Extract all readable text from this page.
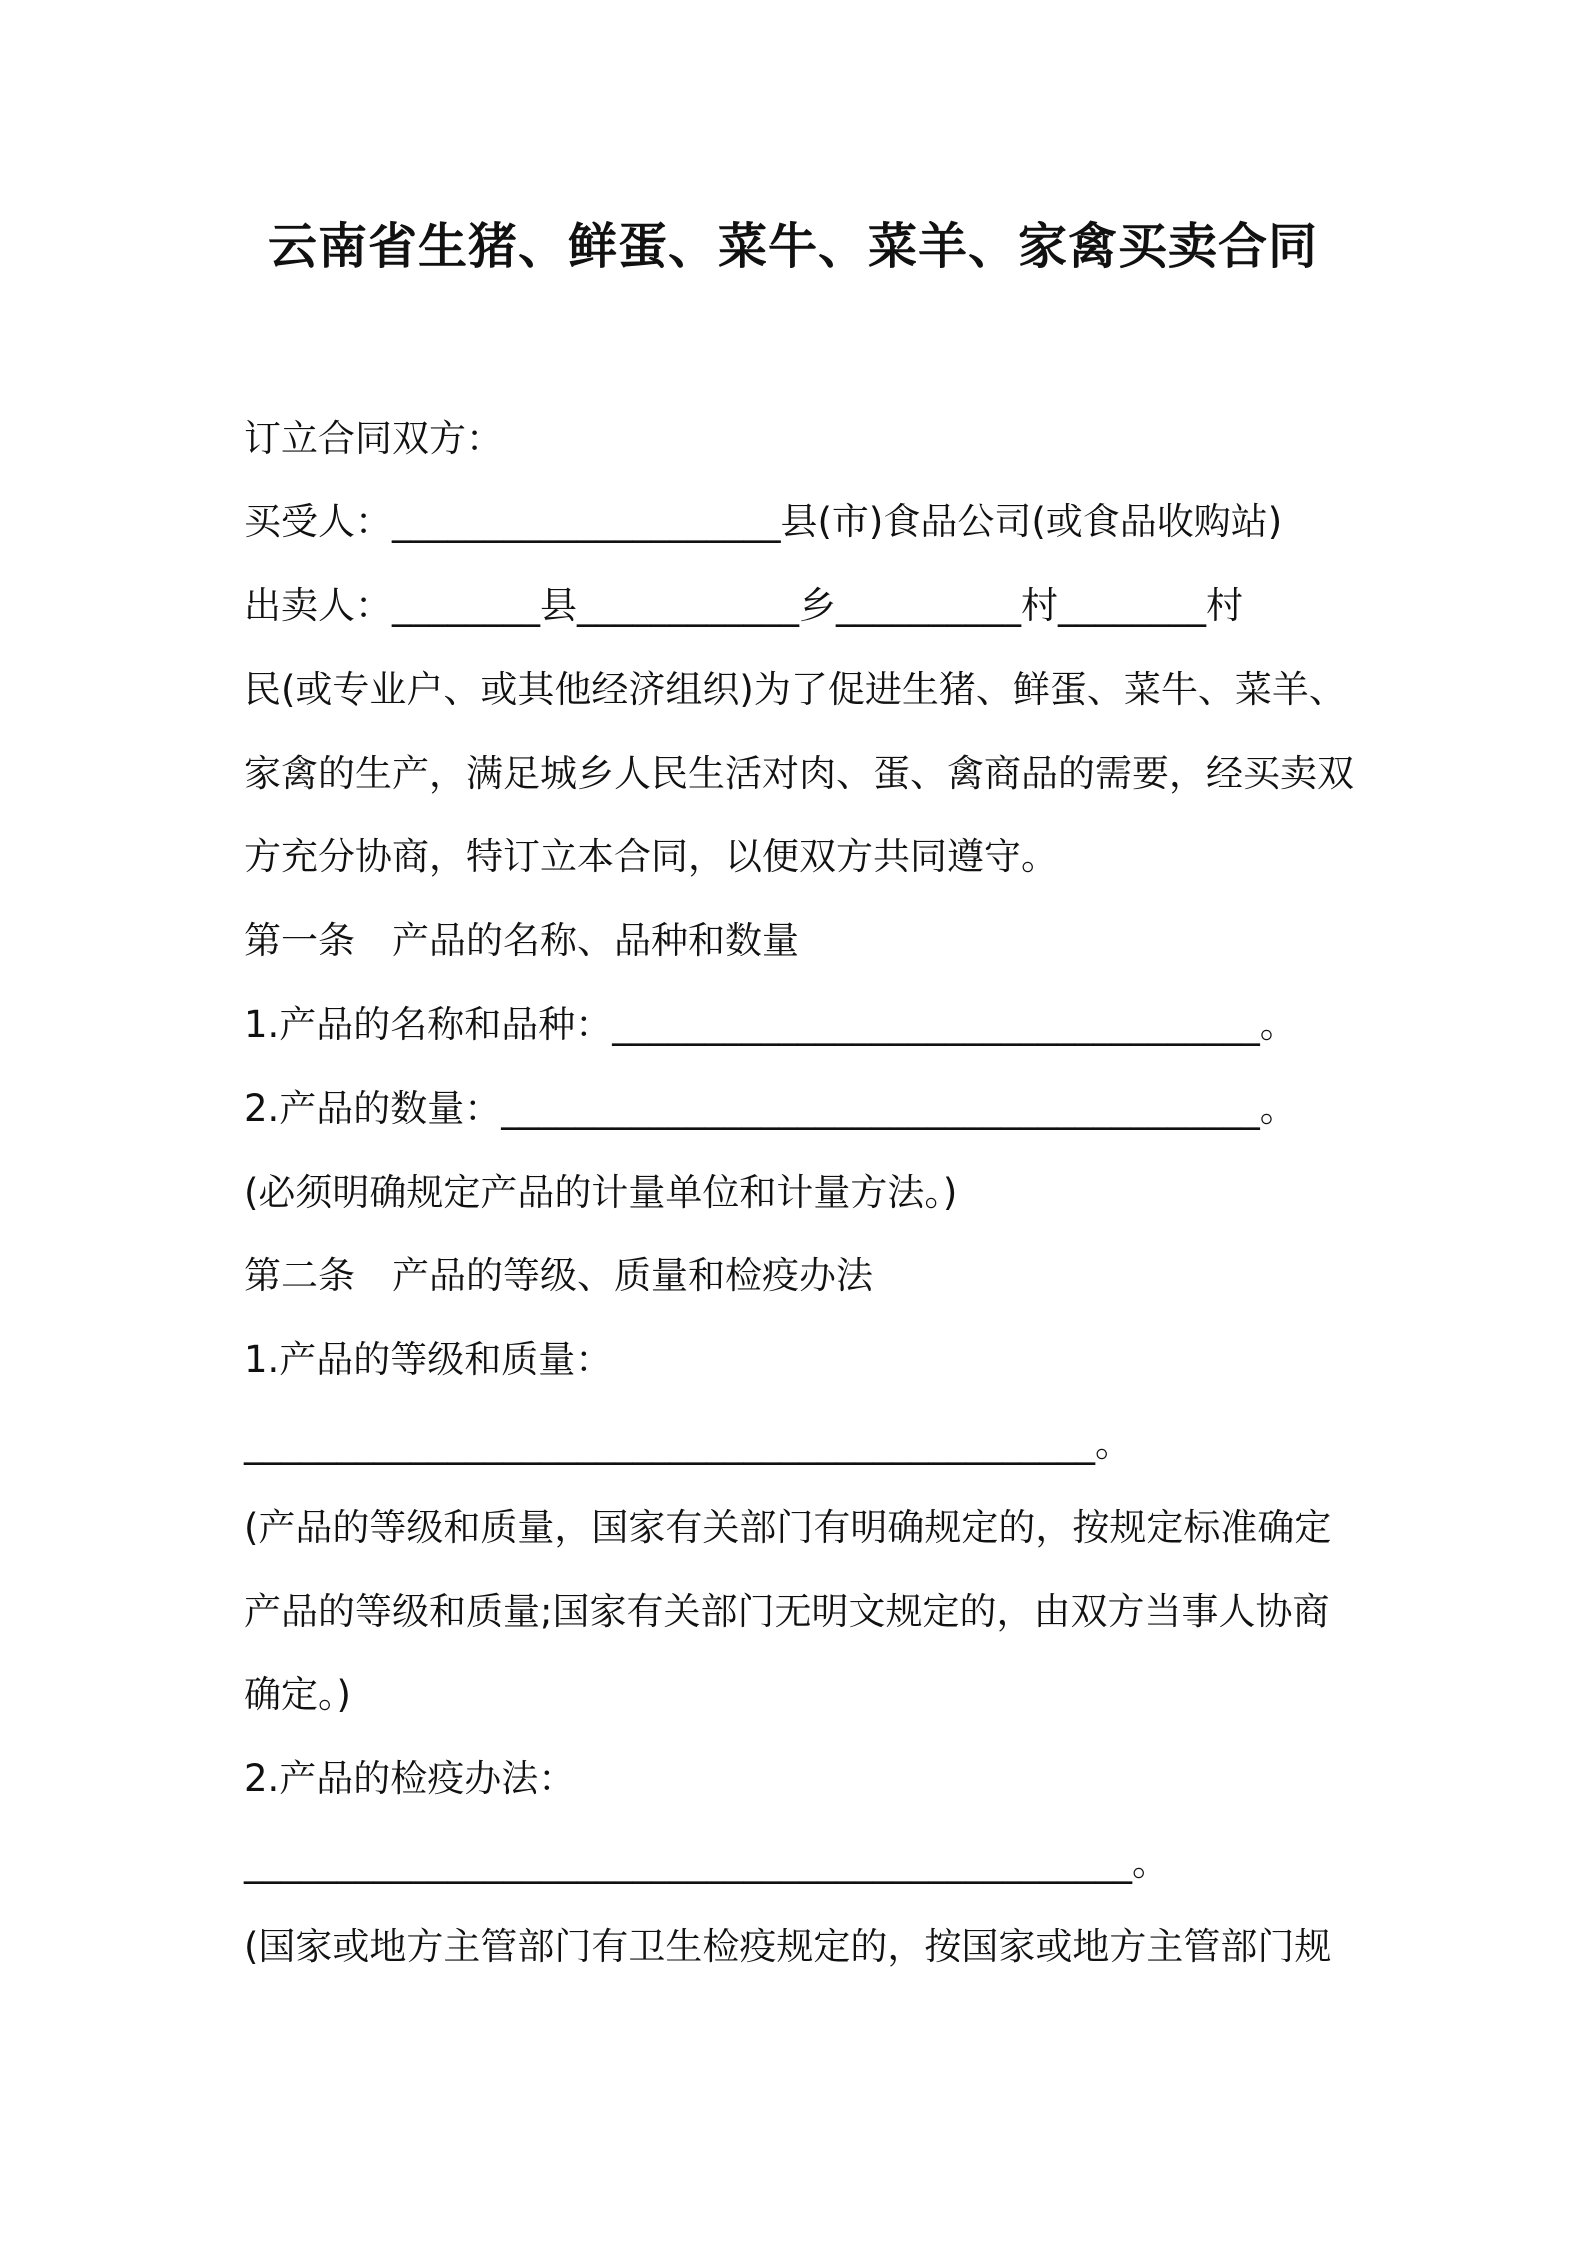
云南省生猪、鲜蛋、菜牛、菜羊、家禽买卖合同
订立合同双方：
买受人：_____________________县(市)食品公司(或食品收购站)
出卖人：________县____________乡__________村________村
民(或专业户、或其他经济组织)为了促进生猪、鲜蛋、菜牛、菜羊、
家禽的生产，满足城乡人民生活对肉、蛋、禽商品的需要，经买卖双
方充分协商，特订立本合同，以便双方共同遵守。
第一条　产品的名称、品种和数量
1.产品的名称和品种：___________________________________。
2.产品的数量：_________________________________________。
(必须明确规定产品的计量单位和计量方法。)
第二条　产品的等级、质量和检疫办法
1.产品的等级和质量：
______________________________________________。
(产品的等级和质量，国家有关部门有明确规定的，按规定标准确定
产品的等级和质量;国家有关部门无明文规定的，由双方当事人协商
确定。)
2.产品的检疫办法：
________________________________________________。
(国家或地方主管部门有卫生检疫规定的，按国家或地方主管部门规
